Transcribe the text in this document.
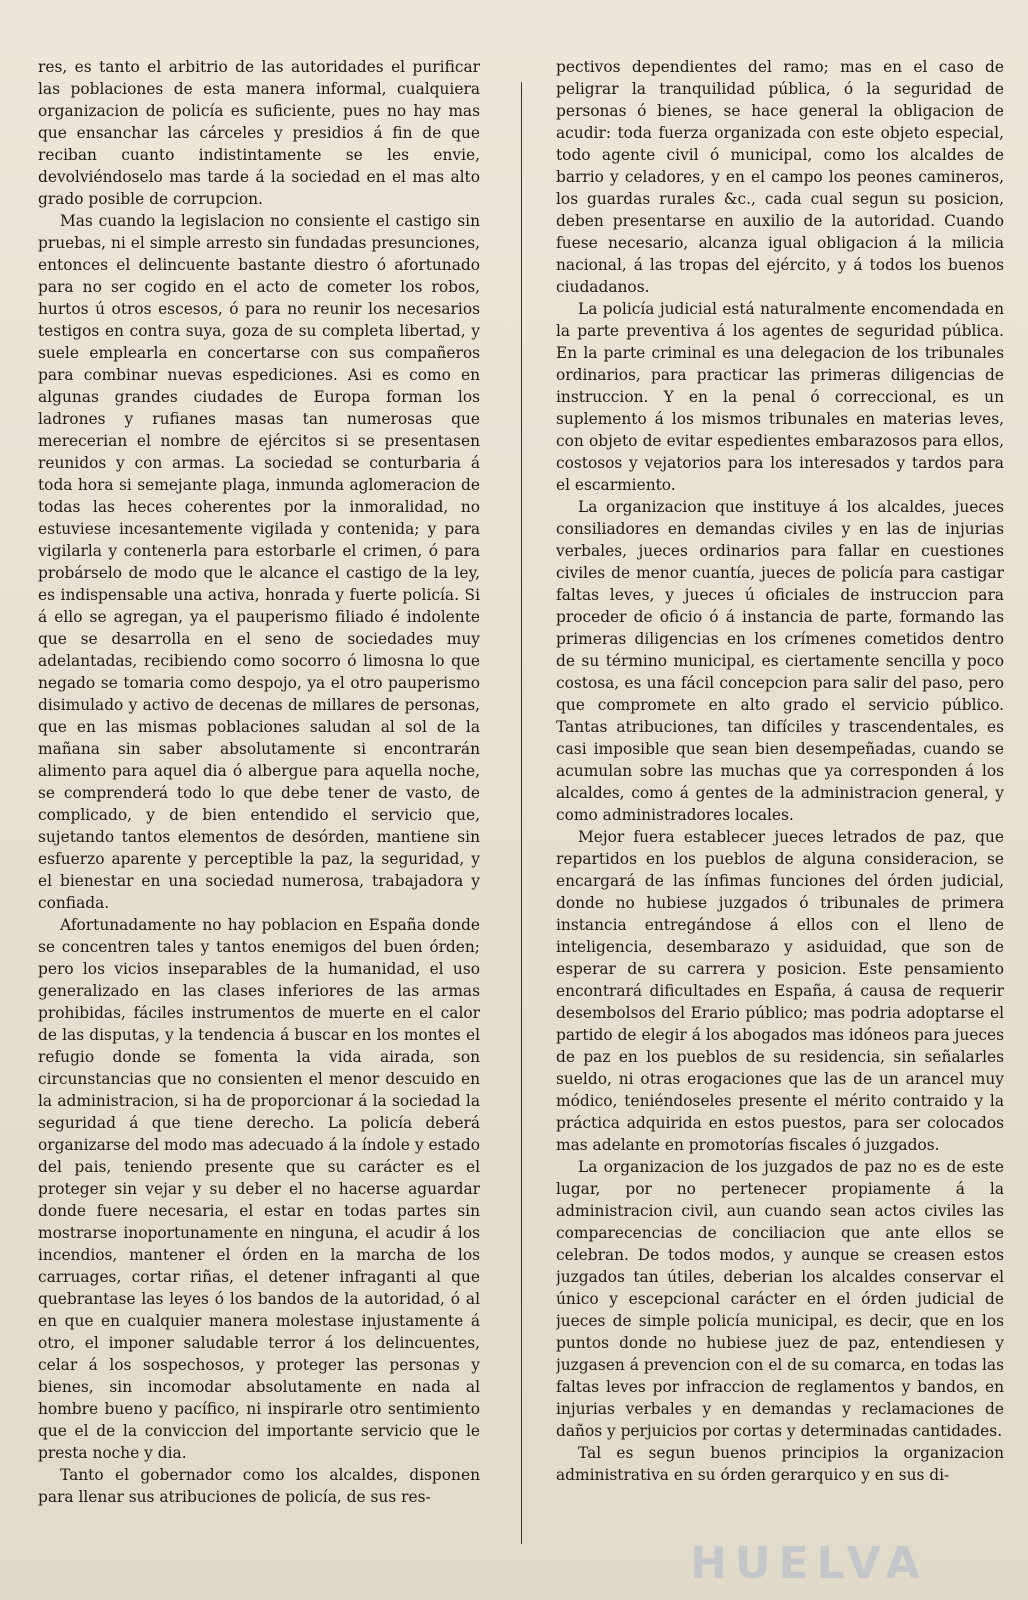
res, es tanto el arbitrio de las autoridades el purificar las poblaciones de esta manera informal, cualquiera organizacion de policía es suficiente, pues no hay mas que ensanchar las cárceles y presidios á fin de que reciban cuanto indistintamente se les envie, devolviéndoselo mas tarde á la sociedad en el mas alto grado posible de corrupcion.

Mas cuando la legislacion no consiente el castigo sin pruebas, ni el simple arresto sin fundadas presunciones, entonces el delincuente bastante diestro ó afortunado para no ser cogido en el acto de cometer los robos, hurtos ú otros escesos, ó para no reunir los necesarios testigos en contra suya, goza de su completa libertad, y suele emplearla en concertarse con sus compañeros para combinar nuevas espediciones. Asi es como en algunas grandes ciudades de Europa forman los ladrones y rufianes masas tan numerosas que merecerian el nombre de ejércitos si se presentasen reunidos y con armas. La sociedad se conturbaria á toda hora si semejante plaga, inmunda aglomeracion de todas las heces coherentes por la inmoralidad, no estuviese incesantemente vigilada y contenida; y para vigilarla y contenerla para estorbarle el crimen, ó para probárselo de modo que le alcance el castigo de la ley, es indispensable una activa, honrada y fuerte policía. Si á ello se agregan, ya el pauperismo filiado é indolente que se desarrolla en el seno de sociedades muy adelantadas, recibiendo como socorro ó limosna lo que negado se tomaria como despojo, ya el otro pauperismo disimulado y activo de decenas de millares de personas, que en las mismas poblaciones saludan al sol de la mañana sin saber absolutamente si encontrarán alimento para aquel dia ó albergue para aquella noche, se comprenderá todo lo que debe tener de vasto, de complicado, y de bien entendido el servicio que, sujetando tantos elementos de desórden, mantiene sin esfuerzo aparente y perceptible la paz, la seguridad, y el bienestar en una sociedad numerosa, trabajadora y confiada.

Afortunadamente no hay poblacion en España donde se concentren tales y tantos enemigos del buen órden; pero los vicios inseparables de la humanidad, el uso generalizado en las clases inferiores de las armas prohibidas, fáciles instrumentos de muerte en el calor de las disputas, y la tendencia á buscar en los montes el refugio donde se fomenta la vida airada, son circunstancias que no consienten el menor descuido en la administracion, si ha de proporcionar á la sociedad la seguridad á que tiene derecho. La policía deberá organizarse del modo mas adecuado á la índole y estado del pais, teniendo presente que su carácter es el proteger sin vejar y su deber el no hacerse aguardar donde fuere necesaria, el estar en todas partes sin mostrarse inoportunamente en ninguna, el acudir á los incendios, mantener el órden en la marcha de los carruages, cortar riñas, el detener infraganti al que quebrantase las leyes ó los bandos de la autoridad, ó al en que en cualquier manera molestase injustamente á otro, el imponer saludable terror á los delincuentes, celar á los sospechosos, y proteger las personas y bienes, sin incomodar absolutamente en nada al hombre bueno y pacífico, ni inspirarle otro sentimiento que el de la conviccion del importante servicio que le presta noche y dia.

Tanto el gobernador como los alcaldes, disponen para llenar sus atribuciones de policía, de sus res-

pectivos dependientes del ramo; mas en el caso de peligrar la tranquilidad pública, ó la seguridad de personas ó bienes, se hace general la obligacion de acudir: toda fuerza organizada con este objeto especial, todo agente civil ó municipal, como los alcaldes de barrio y celadores, y en el campo los peones camineros, los guardas rurales &c., cada cual segun su posicion, deben presentarse en auxilio de la autoridad. Cuando fuese necesario, alcanza igual obligacion á la milicia nacional, á las tropas del ejército, y á todos los buenos ciudadanos.

La policía judicial está naturalmente encomendada en la parte preventiva á los agentes de seguridad pública. En la parte criminal es una delegacion de los tribunales ordinarios, para practicar las primeras diligencias de instruccion. Y en la penal ó correccional, es un suplemento á los mismos tribunales en materias leves, con objeto de evitar espedientes embarazosos para ellos, costosos y vejatorios para los interesados y tardos para el escarmiento.

La organizacion que instituye á los alcaldes, jueces consiliadores en demandas civiles y en las de injurias verbales, jueces ordinarios para fallar en cuestiones civiles de menor cuantía, jueces de policía para castigar faltas leves, y jueces ú oficiales de instruccion para proceder de oficio ó á instancia de parte, formando las primeras diligencias en los crímenes cometidos dentro de su término municipal, es ciertamente sencilla y poco costosa, es una fácil concepcion para salir del paso, pero que compromete en alto grado el servicio público. Tantas atribuciones, tan difíciles y trascendentales, es casi imposible que sean bien desempeñadas, cuando se acumulan sobre las muchas que ya corresponden á los alcaldes, como á gentes de la administracion general, y como administradores locales.

Mejor fuera establecer jueces letrados de paz, que repartidos en los pueblos de alguna consideracion, se encargará de las ínfimas funciones del órden judicial, donde no hubiese juzgados ó tribunales de primera instancia entregándose á ellos con el lleno de inteligencia, desembarazo y asiduidad, que son de esperar de su carrera y posicion. Este pensamiento encontrará dificultades en España, á causa de requerir desembolsos del Erario público; mas podria adoptarse el partido de elegir á los abogados mas idóneos para jueces de paz en los pueblos de su residencia, sin señalarles sueldo, ni otras erogaciones que las de un arancel muy módico, teniéndoseles presente el mérito contraido y la práctica adquirida en estos puestos, para ser colocados mas adelante en promotorías fiscales ó juzgados.

La organizacion de los juzgados de paz no es de este lugar, por no pertenecer propiamente á la administracion civil, aun cuando sean actos civiles las comparecencias de conciliacion que ante ellos se celebran. De todos modos, y aunque se creasen estos juzgados tan útiles, deberian los alcaldes conservar el único y escepcional carácter en el órden judicial de jueces de simple policía municipal, es decir, que en los puntos donde no hubiese juez de paz, entendiesen y juzgasen á prevencion con el de su comarca, en todas las faltas leves por infraccion de reglamentos y bandos, en injurias verbales y en demandas y reclamaciones de daños y perjuicios por cortas y determinadas cantidades.

Tal es segun buenos principios la organizacion administrativa en su órden gerarquico y en sus di-

HUELVA
